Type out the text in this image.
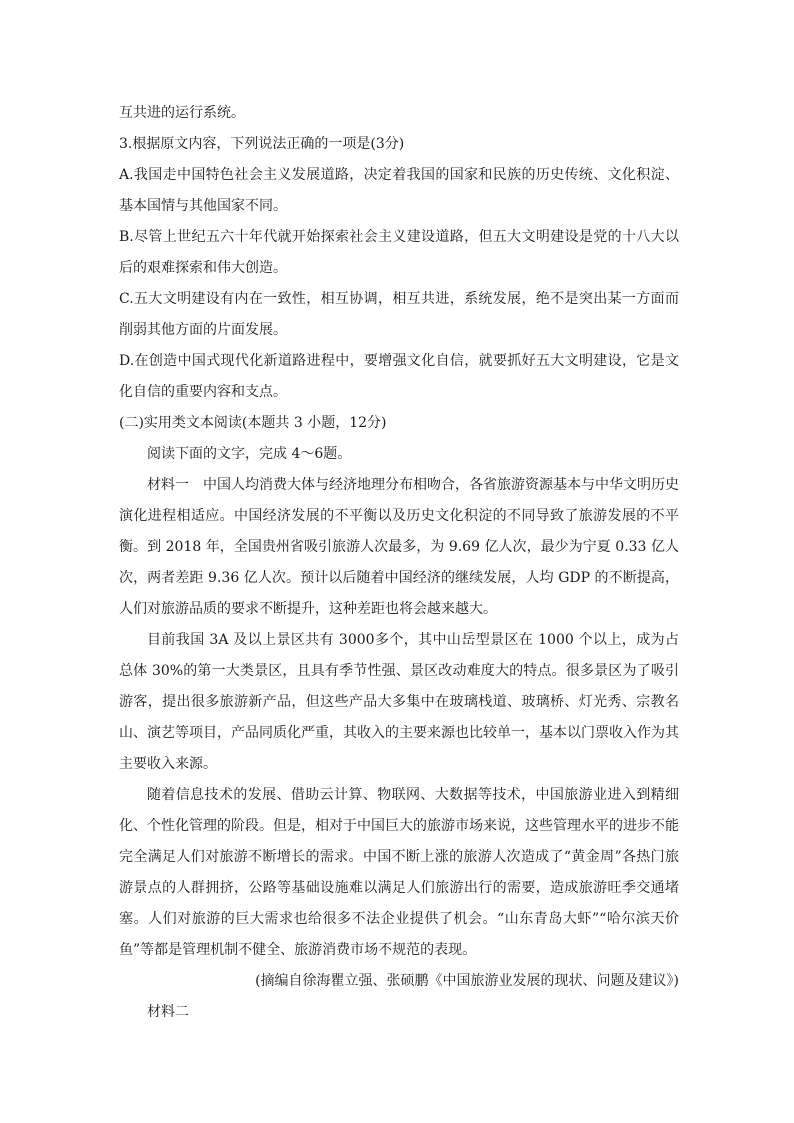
互共进的运行系统。

3.根据原文内容，下列说法正确的一项是(3分)

A.我国走中国特色社会主义发展道路，决定着我国的国家和民族的历史传统、文化积淀、基本国情与其他国家不同。

B.尽管上世纪五六十年代就开始探索社会主义建设道路，但五大文明建设是党的十八大以后的艰难探索和伟大创造。

C.五大文明建设有内在一致性，相互协调，相互共进，系统发展，绝不是突出某一方面而削弱其他方面的片面发展。

D.在创造中国式现代化新道路进程中，要增强文化自信，就要抓好五大文明建设，它是文化自信的重要内容和支点。

(二)实用类文本阅读(本题共 3 小题，12分)

阅读下面的文字，完成 4～6题。

材料一　中国人均消费大体与经济地理分布相吻合，各省旅游资源基本与中华文明历史演化进程相适应。中国经济发展的不平衡以及历史文化积淀的不同导致了旅游发展的不平衡。到 2018 年，全国贵州省吸引旅游人次最多，为 9.69 亿人次，最少为宁夏 0.33 亿人次，两者差距 9.36 亿人次。预计以后随着中国经济的继续发展，人均 GDP 的不断提高，人们对旅游品质的要求不断提升，这种差距也将会越来越大。

目前我国 3A 及以上景区共有 3000多个，其中山岳型景区在 1000 个以上，成为占总体 30%的第一大类景区，且具有季节性强、景区改动难度大的特点。很多景区为了吸引游客，提出很多旅游新产品，但这些产品大多集中在玻璃栈道、玻璃桥、灯光秀、宗教名山、演艺等项目，产品同质化严重，其收入的主要来源也比较单一，基本以门票收入作为其主要收入来源。

随着信息技术的发展、借助云计算、物联网、大数据等技术，中国旅游业进入到精细化、个性化管理的阶段。但是，相对于中国巨大的旅游市场来说，这些管理水平的进步不能完全满足人们对旅游不断增长的需求。中国不断上涨的旅游人次造成了“黄金周”各热门旅游景点的人群拥挤，公路等基础设施难以满足人们旅游出行的需要，造成旅游旺季交通堵塞。人们对旅游的巨大需求也给很多不法企业提供了机会。“山东青岛大虾”“哈尔滨天价鱼”等都是管理机制不健全、旅游消费市场不规范的表现。

(摘编自徐海瞿立强、张硕鹏《中国旅游业发展的现状、问题及建议》)

材料二
